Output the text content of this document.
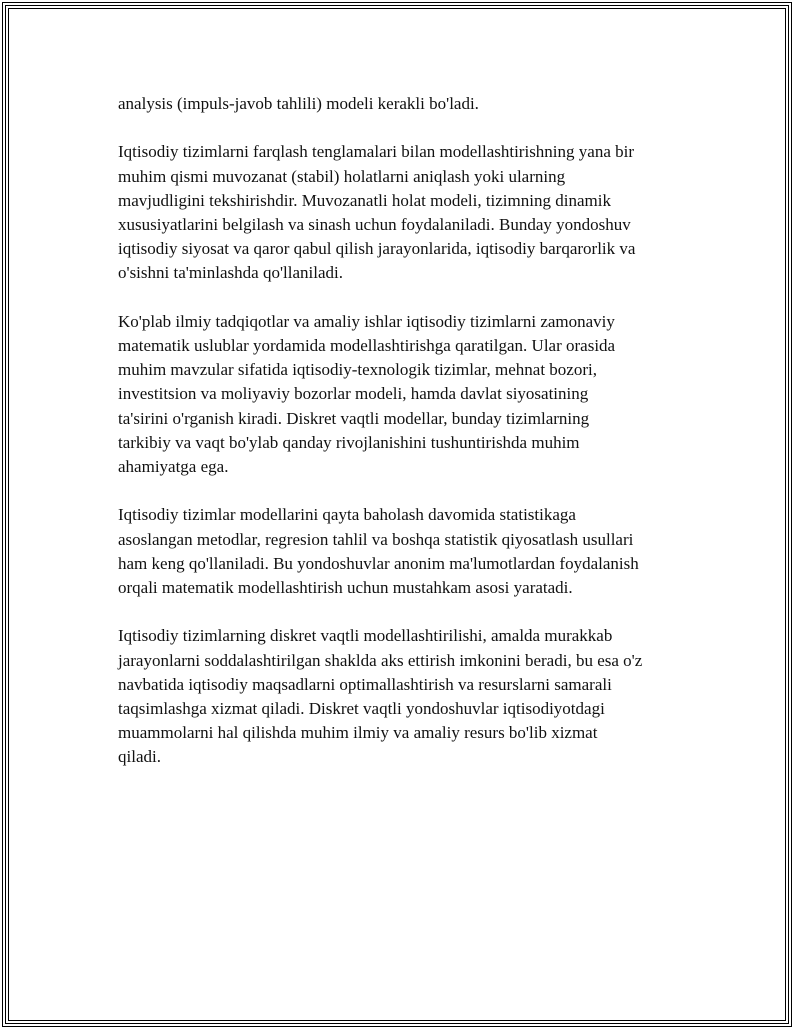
analysis (impuls-javob tahlili) modeli kerakli bo'ladi.

Iqtisodiy tizimlarni farqlash tenglamalari bilan modellashtirishning yana bir
muhim qismi muvozanat (stabil) holatlarni aniqlash yoki ularning
mavjudligini tekshirishdir. Muvozanatli holat modeli, tizimning dinamik
xususiyatlarini belgilash va sinash uchun foydalaniladi. Bunday yondoshuv
iqtisodiy siyosat va qaror qabul qilish jarayonlarida, iqtisodiy barqarorlik va
o'sishni ta'minlashda qo'llaniladi.

Ko'plab ilmiy tadqiqotlar va amaliy ishlar iqtisodiy tizimlarni zamonaviy
matematik uslublar yordamida modellashtirishga qaratilgan. Ular orasida
muhim mavzular sifatida iqtisodiy-texnologik tizimlar, mehnat bozori,
investitsion va moliyaviy bozorlar modeli, hamda davlat siyosatining
ta'sirini o'rganish kiradi. Diskret vaqtli modellar, bunday tizimlarning
tarkibiy va vaqt bo'ylab qanday rivojlanishini tushuntirishda muhim
ahamiyatga ega.

Iqtisodiy tizimlar modellarini qayta baholash davomida statistikaga
asoslangan metodlar, regresion tahlil va boshqa statistik qiyosatlash usullari
ham keng qo'llaniladi. Bu yondoshuvlar anonim ma'lumotlardan foydalanish
orqali matematik modellashtirish uchun mustahkam asosi yaratadi.

Iqtisodiy tizimlarning diskret vaqtli modellashtirilishi, amalda murakkab
jarayonlarni soddalashtirilgan shaklda aks ettirish imkonini beradi, bu esa o'z
navbatida iqtisodiy maqsadlarni optimallashtirish va resurslarni samarali
taqsimlashga xizmat qiladi. Diskret vaqtli yondoshuvlar iqtisodiyotdagi
muammolarni hal qilishda muhim ilmiy va amaliy resurs bo'lib xizmat
qiladi.
